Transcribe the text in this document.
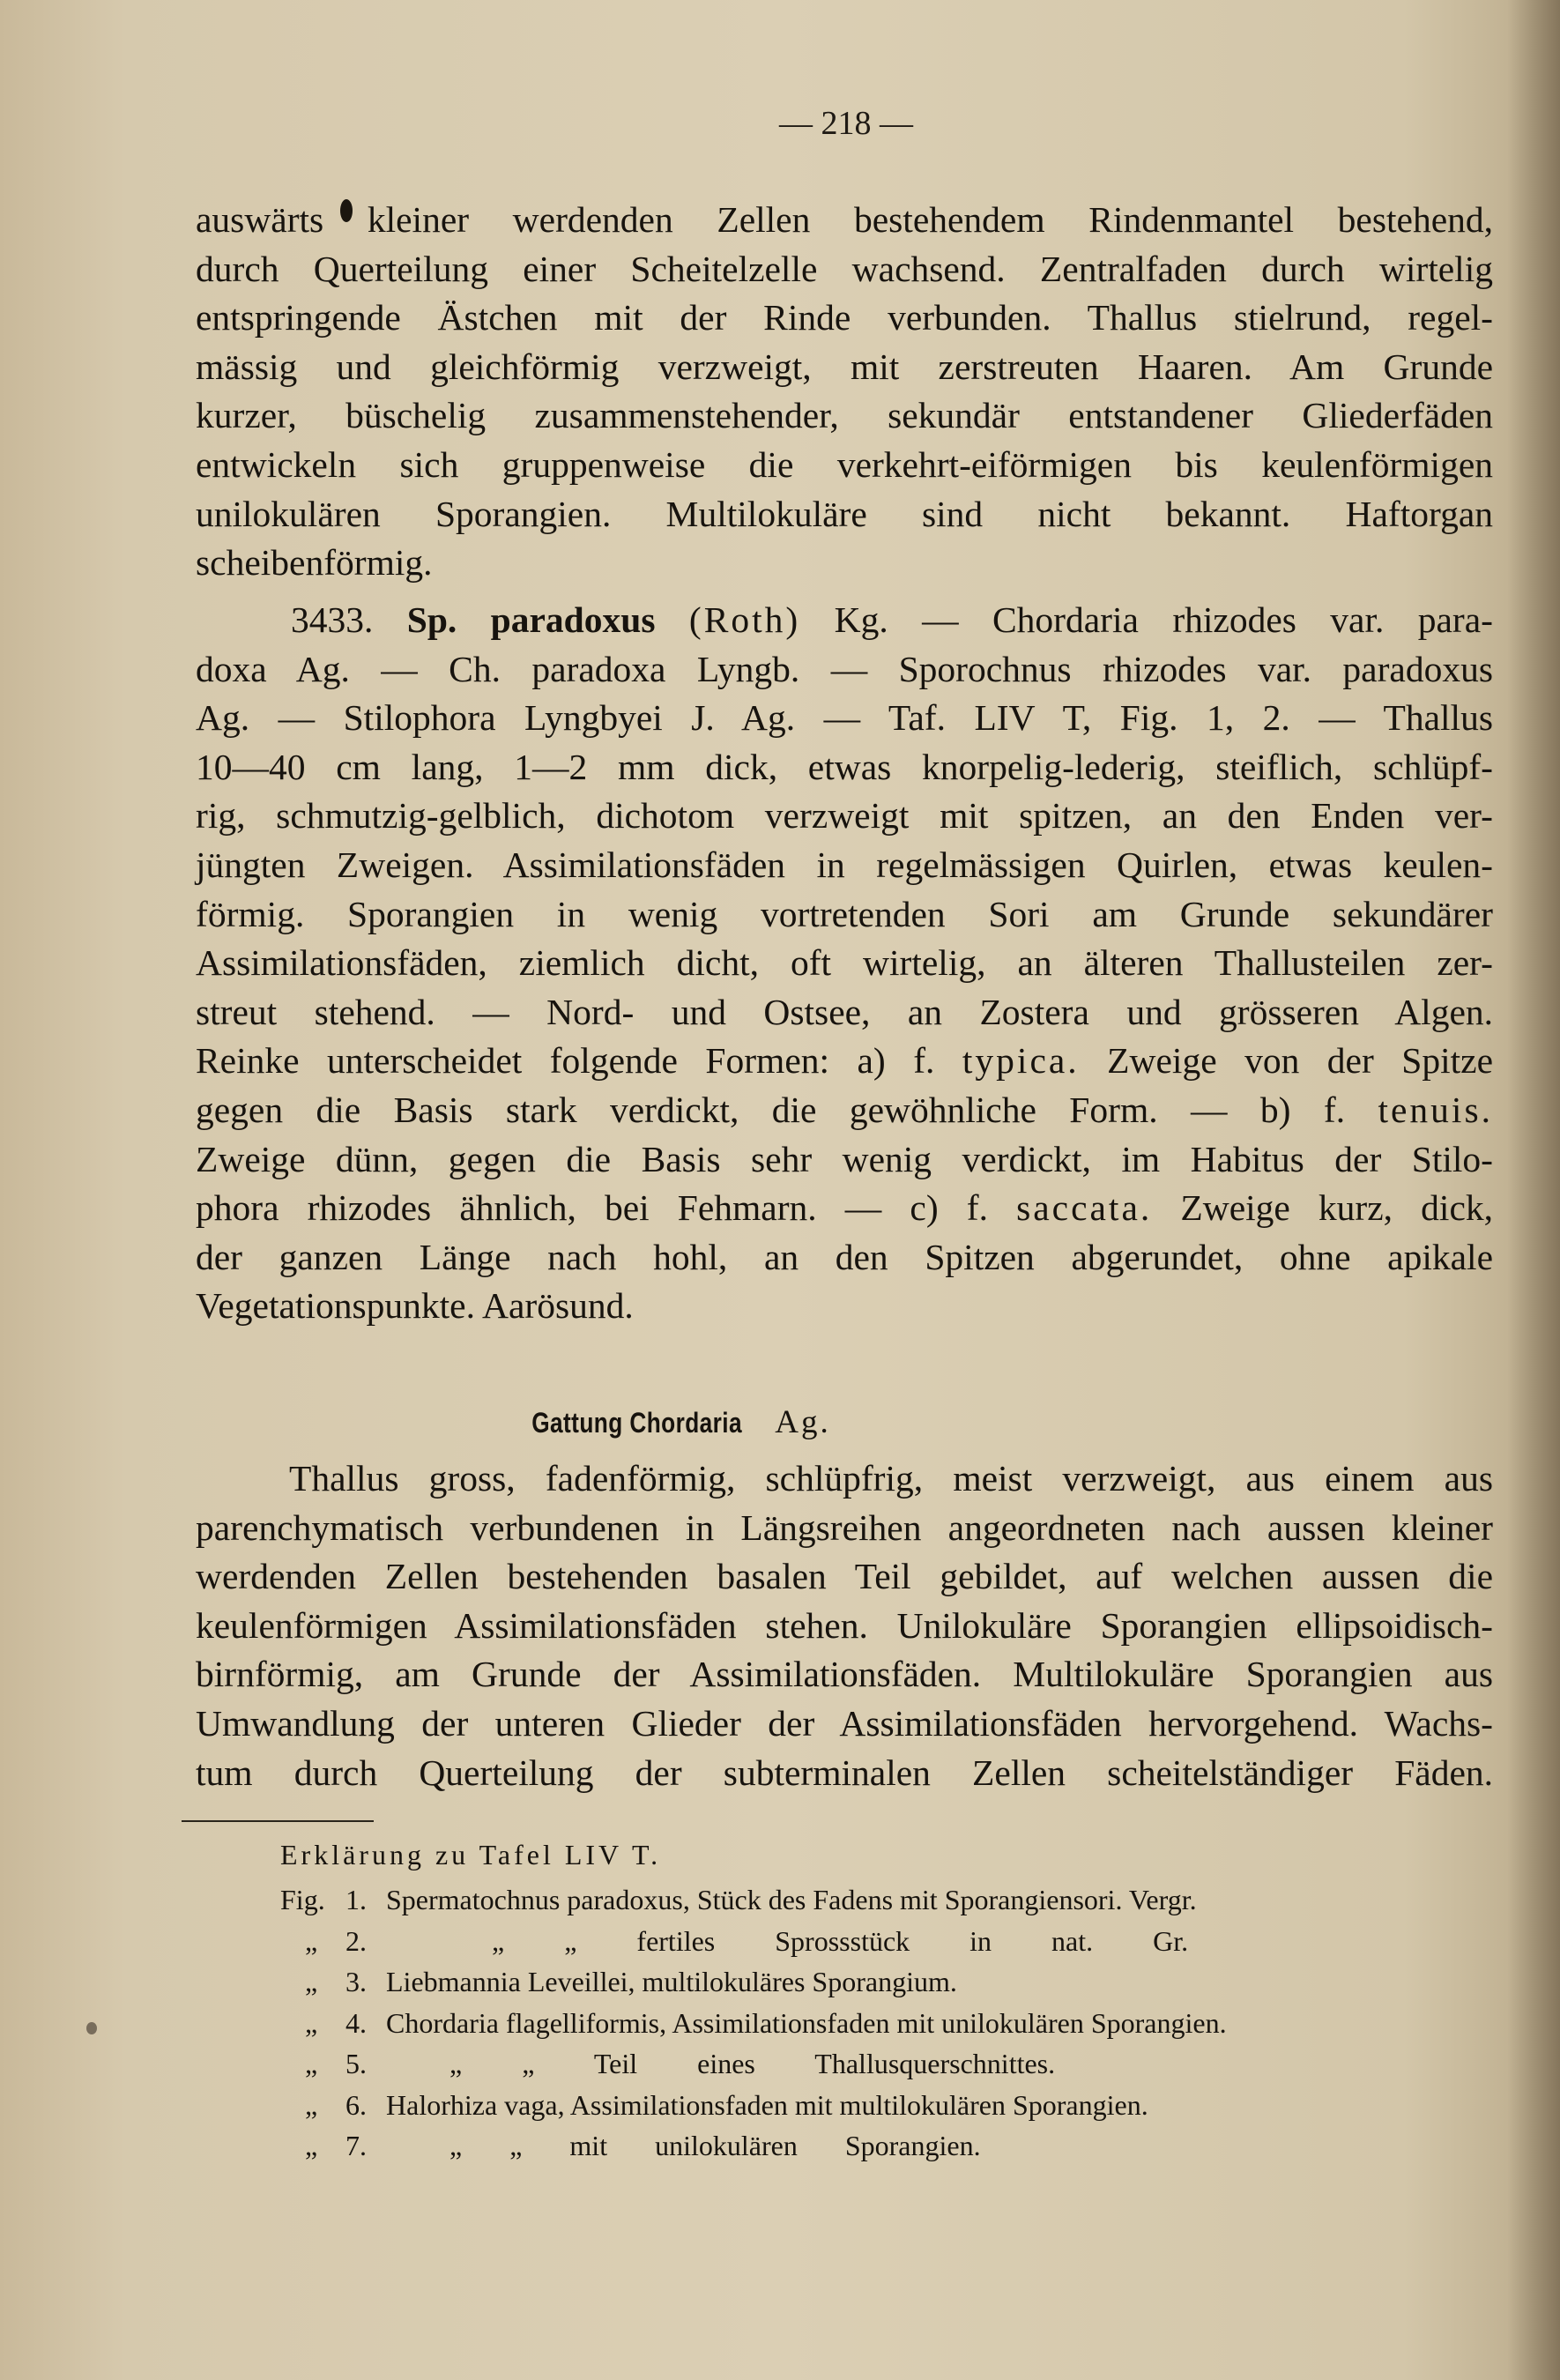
— 218 —
auswärts kleiner werdenden Zellen bestehendem Rindenmantel bestehend,
durch Querteilung einer Scheitelzelle wachsend. Zentralfaden durch wirtelig
entspringende Ästchen mit der Rinde verbunden. Thallus stielrund, regel-
mässig und gleichförmig verzweigt, mit zerstreuten Haaren. Am Grunde
kurzer, büschelig zusammenstehender, sekundär entstandener Gliederfäden
entwickeln sich gruppenweise die verkehrt-eiförmigen bis keulenförmigen
unilokulären Sporangien. Multilokuläre sind nicht bekannt. Haftorgan
scheibenförmig.
3433. Sp. paradoxus (Roth) Kg. — Chordaria rhizodes var. para-
doxa Ag. — Ch. paradoxa Lyngb. — Sporochnus rhizodes var. paradoxus
Ag. — Stilophora Lyngbyei J. Ag. — Taf. LIV T, Fig. 1, 2. — Thallus
10—40 cm lang, 1—2 mm dick, etwas knorpelig-lederig, steiflich, schlüpf-
rig, schmutzig-gelblich, dichotom verzweigt mit spitzen, an den Enden ver-
jüngten Zweigen. Assimilationsfäden in regelmässigen Quirlen, etwas keulen-
förmig. Sporangien in wenig vortretenden Sori am Grunde sekundärer
Assimilationsfäden, ziemlich dicht, oft wirtelig, an älteren Thallusteilen zer-
streut stehend. — Nord- und Ostsee, an Zostera und grösseren Algen.
Reinke unterscheidet folgende Formen: a) f. typica. Zweige von der Spitze
gegen die Basis stark verdickt, die gewöhnliche Form. — b) f. tenuis.
Zweige dünn, gegen die Basis sehr wenig verdickt, im Habitus der Stilo-
phora rhizodes ähnlich, bei Fehmarn. — c) f. saccata. Zweige kurz, dick,
der ganzen Länge nach hohl, an den Spitzen abgerundet, ohne apikale
Vegetationspunkte. Aarösund.
Gattung Chordaria Ag.
Thallus gross, fadenförmig, schlüpfrig, meist verzweigt, aus einem aus
parenchymatisch verbundenen in Längsreihen angeordneten nach aussen kleiner
werdenden Zellen bestehenden basalen Teil gebildet, auf welchen aussen die
keulenförmigen Assimilationsfäden stehen. Unilokuläre Sporangien ellipsoidisch-
birnförmig, am Grunde der Assimilationsfäden. Multilokuläre Sporangien aus
Umwandlung der unteren Glieder der Assimilationsfäden hervorgehend. Wachs-
tum durch Querteilung der subterminalen Zellen scheitelständiger Fäden.
Erklärung zu Tafel LIV T.
Fig. 1. Spermatochnus paradoxus, Stück des Fadens mit Sporangiensori. Vergr.
„ 2.	„ „ fertiles Sprossstück in nat. Gr.
„ 3. Liebmannia Leveillei, multilokuläres Sporangium.
„ 4. Chordaria flagelliformis, Assimilationsfaden mit unilokulären Sporangien.
„ 5.	„ „ Teil eines Thallusquerschnittes.
„ 6. Halorhiza vaga, Assimilationsfaden mit multilokulären Sporangien.
„ 7.	„ „ mit unilokulären Sporangien.
